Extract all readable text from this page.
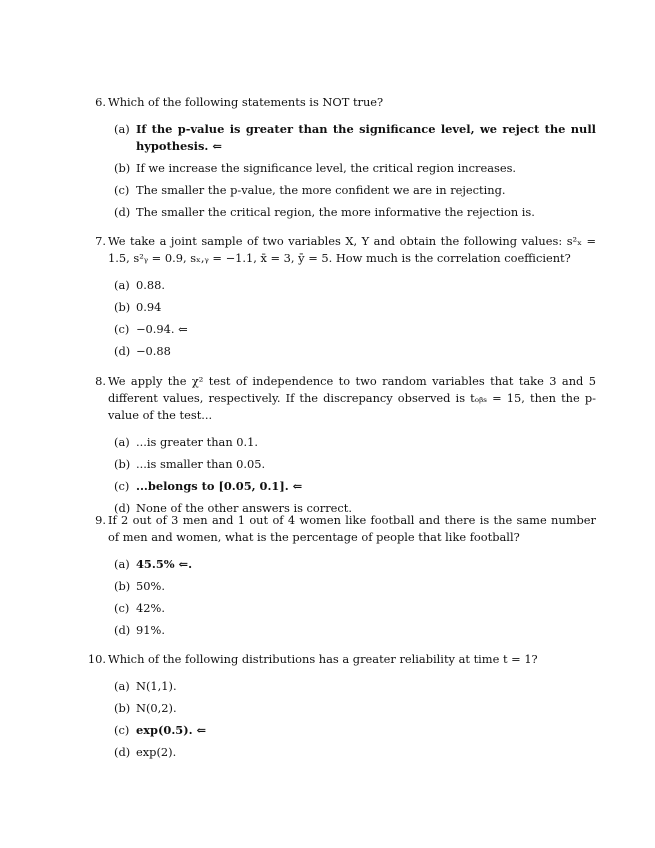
6. Which of the following statements is NOT true?
(a) If the p-value is greater than the significance level, we reject the null hypothesis. ⇐
(b) If we increase the significance level, the critical region increases.
(c) The smaller the p-value, the more confident we are in rejecting.
(d) The smaller the critical region, the more informative the rejection is.
7. We take a joint sample of two variables X, Y and obtain the following values: s²ₓ = 1.5, s²ᵧ = 0.9, sₓ,ᵧ = −1.1, x̄ = 3, ȳ = 5. How much is the correlation coefficient?
(a) 0.88.
(b) 0.94
(c) −0.94. ⇐
(d) −0.88
8. We apply the χ² test of independence to two random variables that take 3 and 5 different values, respectively. If the discrepancy observed is tₒᵦₛ = 15, then the p-value of the test...
(a) ...is greater than 0.1.
(b) ...is smaller than 0.05.
(c) ...belongs to [0.05, 0.1]. ⇐
(d) None of the other answers is correct.
9. If 2 out of 3 men and 1 out of 4 women like football and there is the same number of men and women, what is the percentage of people that like football?
(a) 45.5% ⇐.
(b) 50%.
(c) 42%.
(d) 91%.
10. Which of the following distributions has a greater reliability at time t = 1?
(a) N(1,1).
(b) N(0,2).
(c) exp(0.5). ⇐
(d) exp(2).
